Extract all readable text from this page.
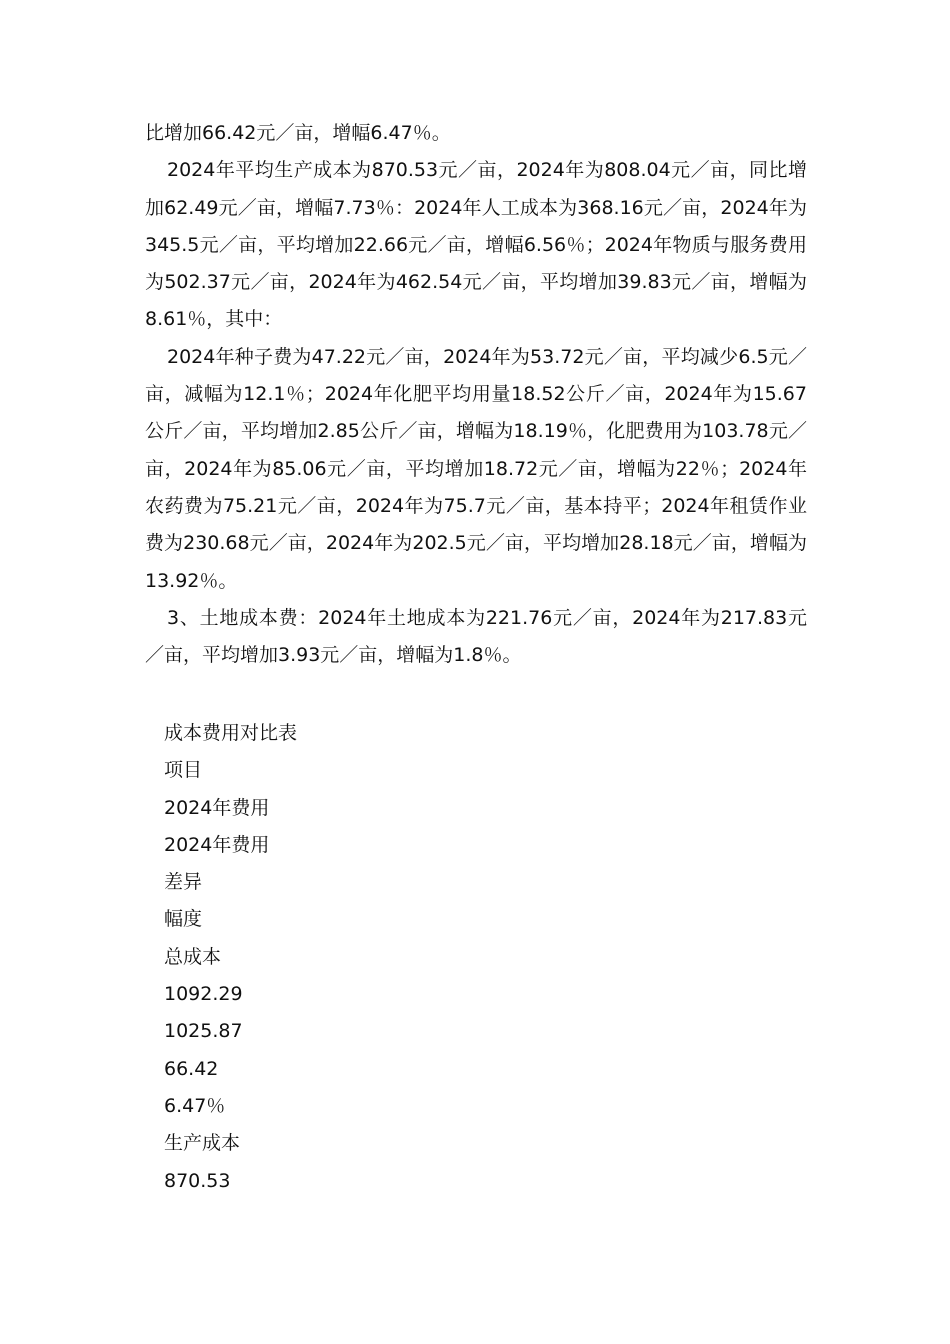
比增加66.42元／亩，增幅6.47％。

2024年平均生产成本为870.53元／亩，2024年为808.04元／亩，同比增加62.49元／亩，增幅7.73％：2024年人工成本为368.16元／亩，2024年为345.5元／亩，平均增加22.66元／亩，增幅6.56％；2024年物质与服务费用为502.37元／亩，2024年为462.54元／亩，平均增加39.83元／亩，增幅为8.61％，其中：

2024年种子费为47.22元／亩，2024年为53.72元／亩，平均减少6.5元／亩，减幅为12.1％；2024年化肥平均用量18.52公斤／亩，2024年为15.67公斤／亩，平均增加2.85公斤／亩，增幅为18.19％，化肥费用为103.78元／亩，2024年为85.06元／亩，平均增加18.72元／亩，增幅为22％；2024年农药费为75.21元／亩，2024年为75.7元／亩，基本持平；2024年租赁作业费为230.68元／亩，2024年为202.5元／亩，平均增加28.18元／亩，增幅为13.92％。

3、土地成本费：2024年土地成本为221.76元／亩，2024年为217.83元／亩，平均增加3.93元／亩，增幅为1.8％。

成本费用对比表
项目
2024年费用
2024年费用
差异
幅度
总成本
1092.29
1025.87
66.42
6.47％
生产成本
870.53
